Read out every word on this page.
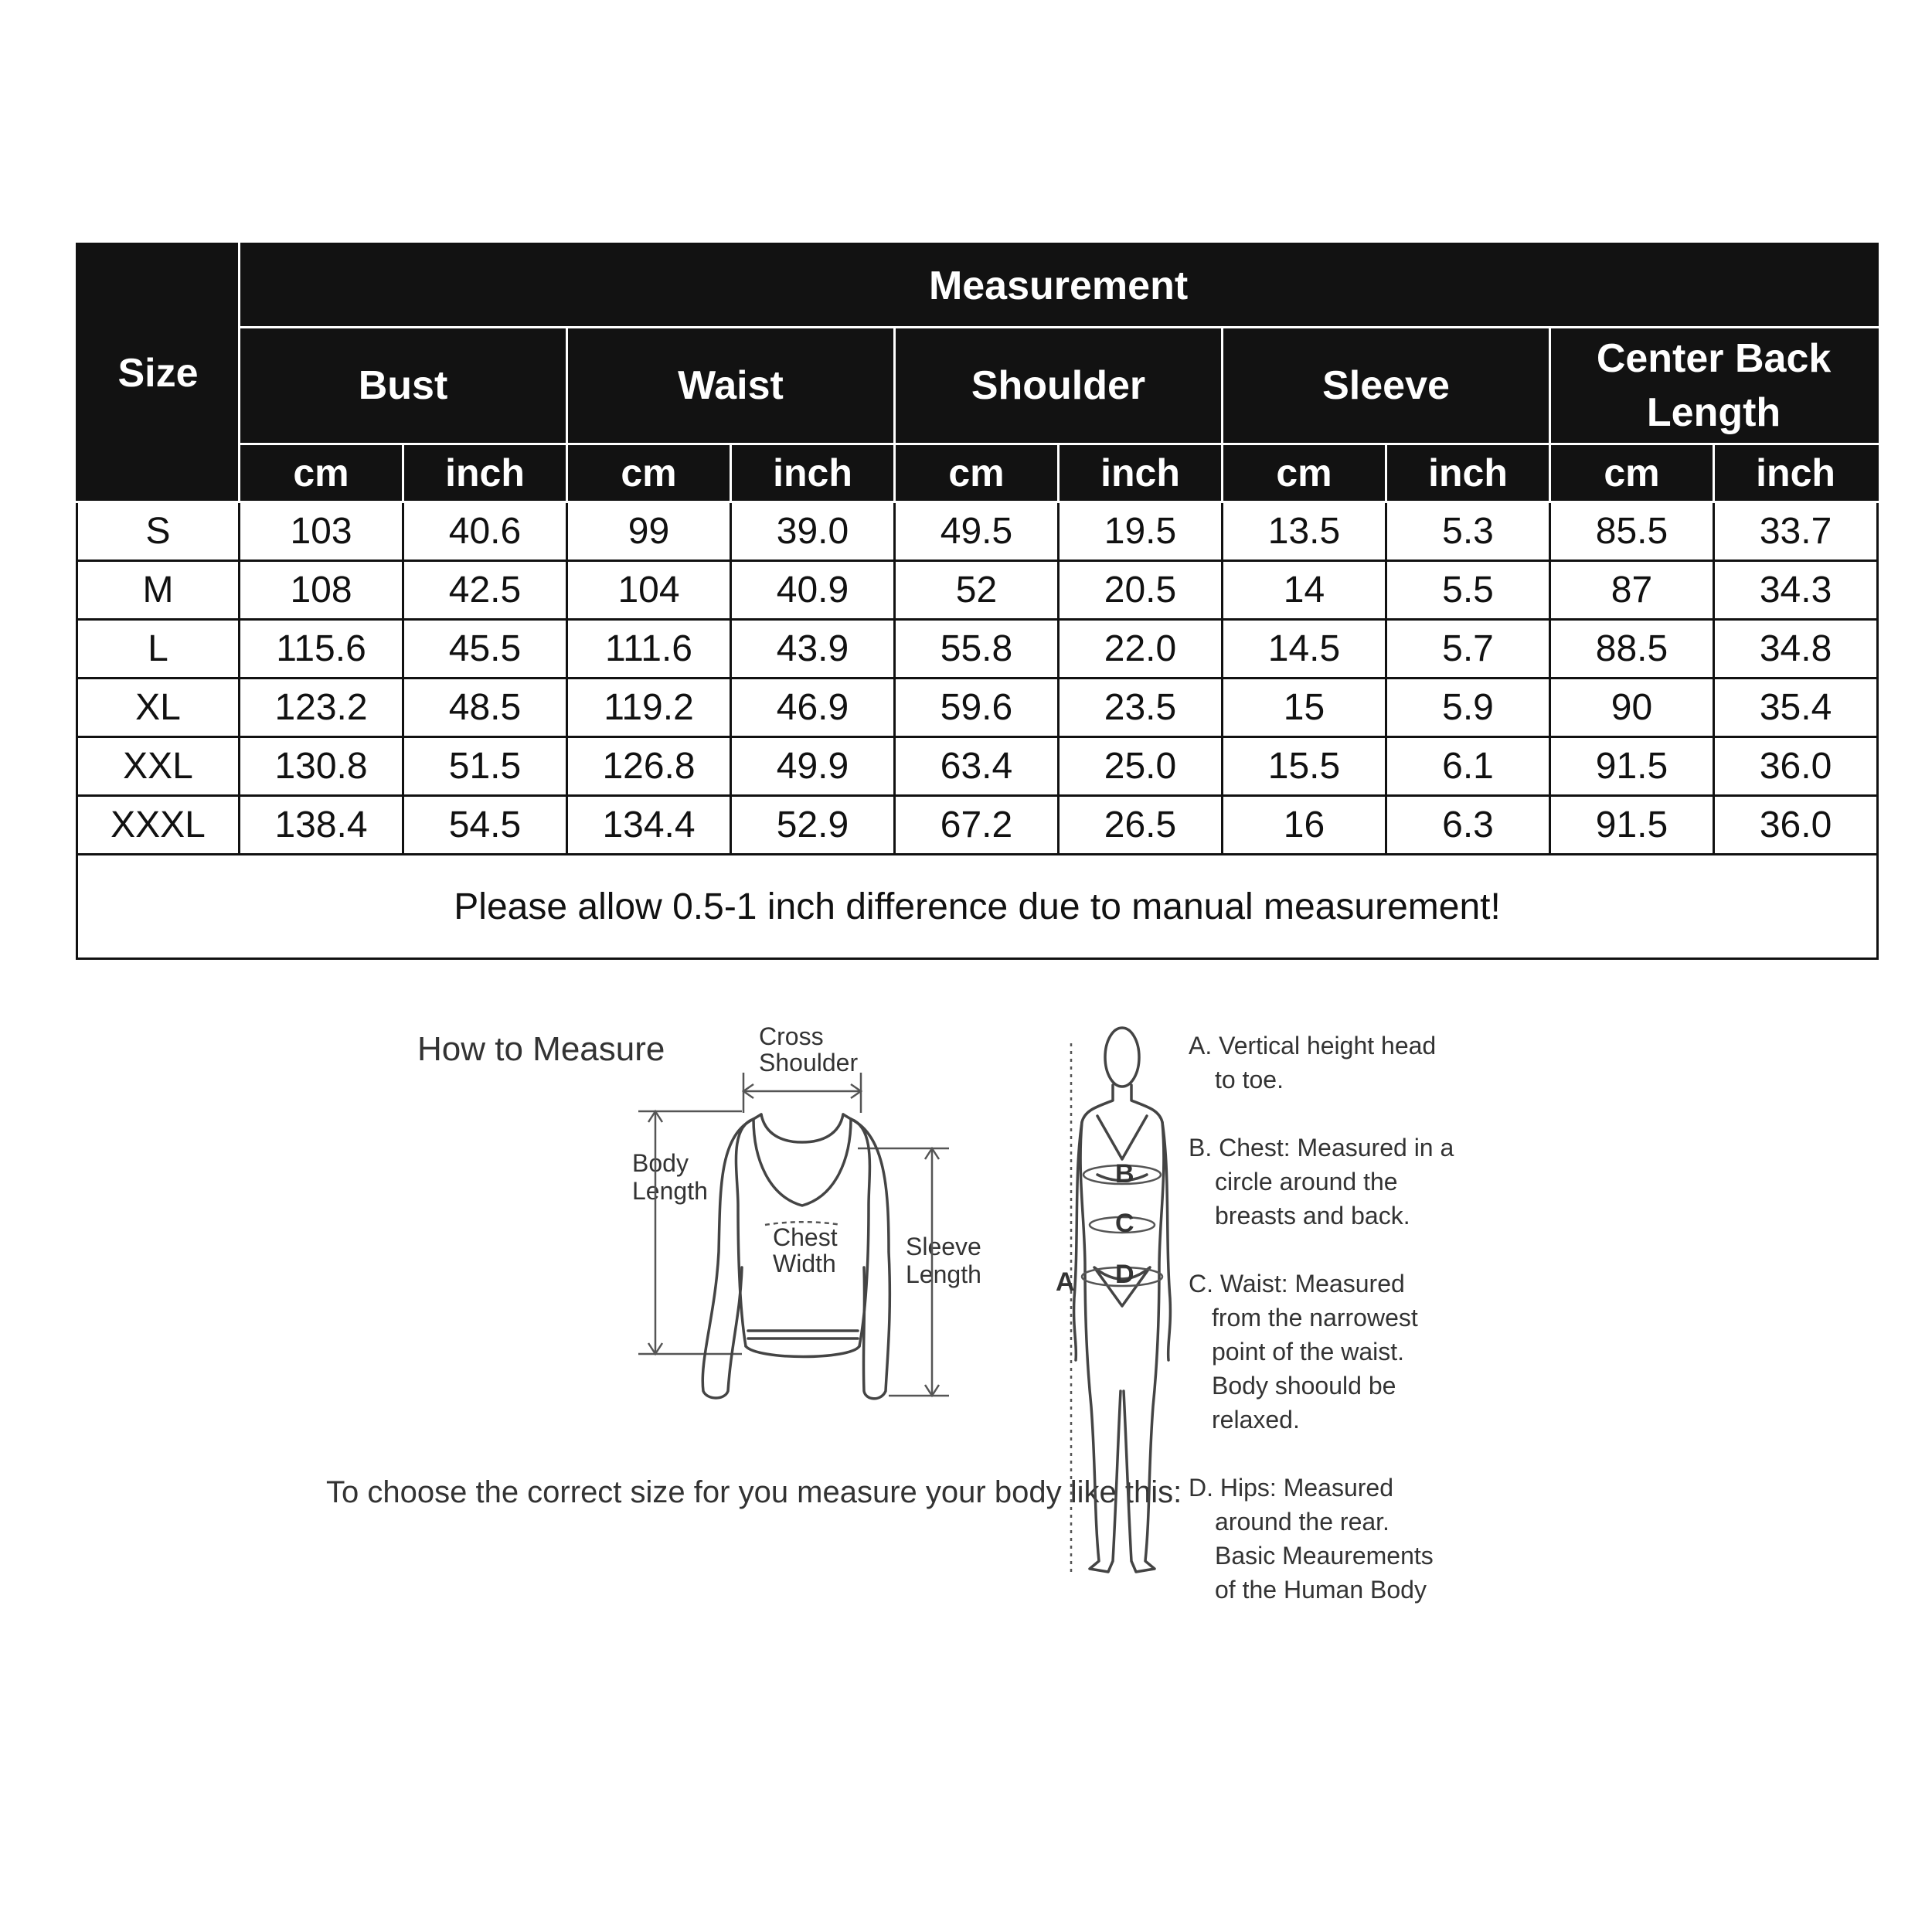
Size	Measurement									
	Bust		Waist		Shoulder		Sleeve		Center Back Length	
	cm	inch	cm	inch	cm	inch	cm	inch	cm	inch
S	103	40.6	99	39.0	49.5	19.5	13.5	5.3	85.5	33.7
M	108	42.5	104	40.9	52	20.5	14	5.5	87	34.3
L	115.6	45.5	111.6	43.9	55.8	22.0	14.5	5.7	88.5	34.8
XL	123.2	48.5	119.2	46.9	59.6	23.5	15	5.9	90	35.4
XXL	130.8	51.5	126.8	49.9	63.4	25.0	15.5	6.1	91.5	36.0
XXXL	138.4	54.5	134.4	52.9	67.2	26.5	16	6.3	91.5	36.0
Please allow 0.5-1 inch difference due to manual measurement!										
How to Measure	Cross
Shoulder
Body
Length
Sleeve
Length
Chest
Width
To choose the correct size for you measure your body like this:
B
C
D
A
A. Vertical height head
to toe.
B. Chest: Measured in a
circle around the
breasts and back.
C. Waist: Measured
from the narrowest
point of the waist.
Body shoould be
relaxed.
D. Hips: Measured
around the rear.
Basic Meaurements
of the Human Body
